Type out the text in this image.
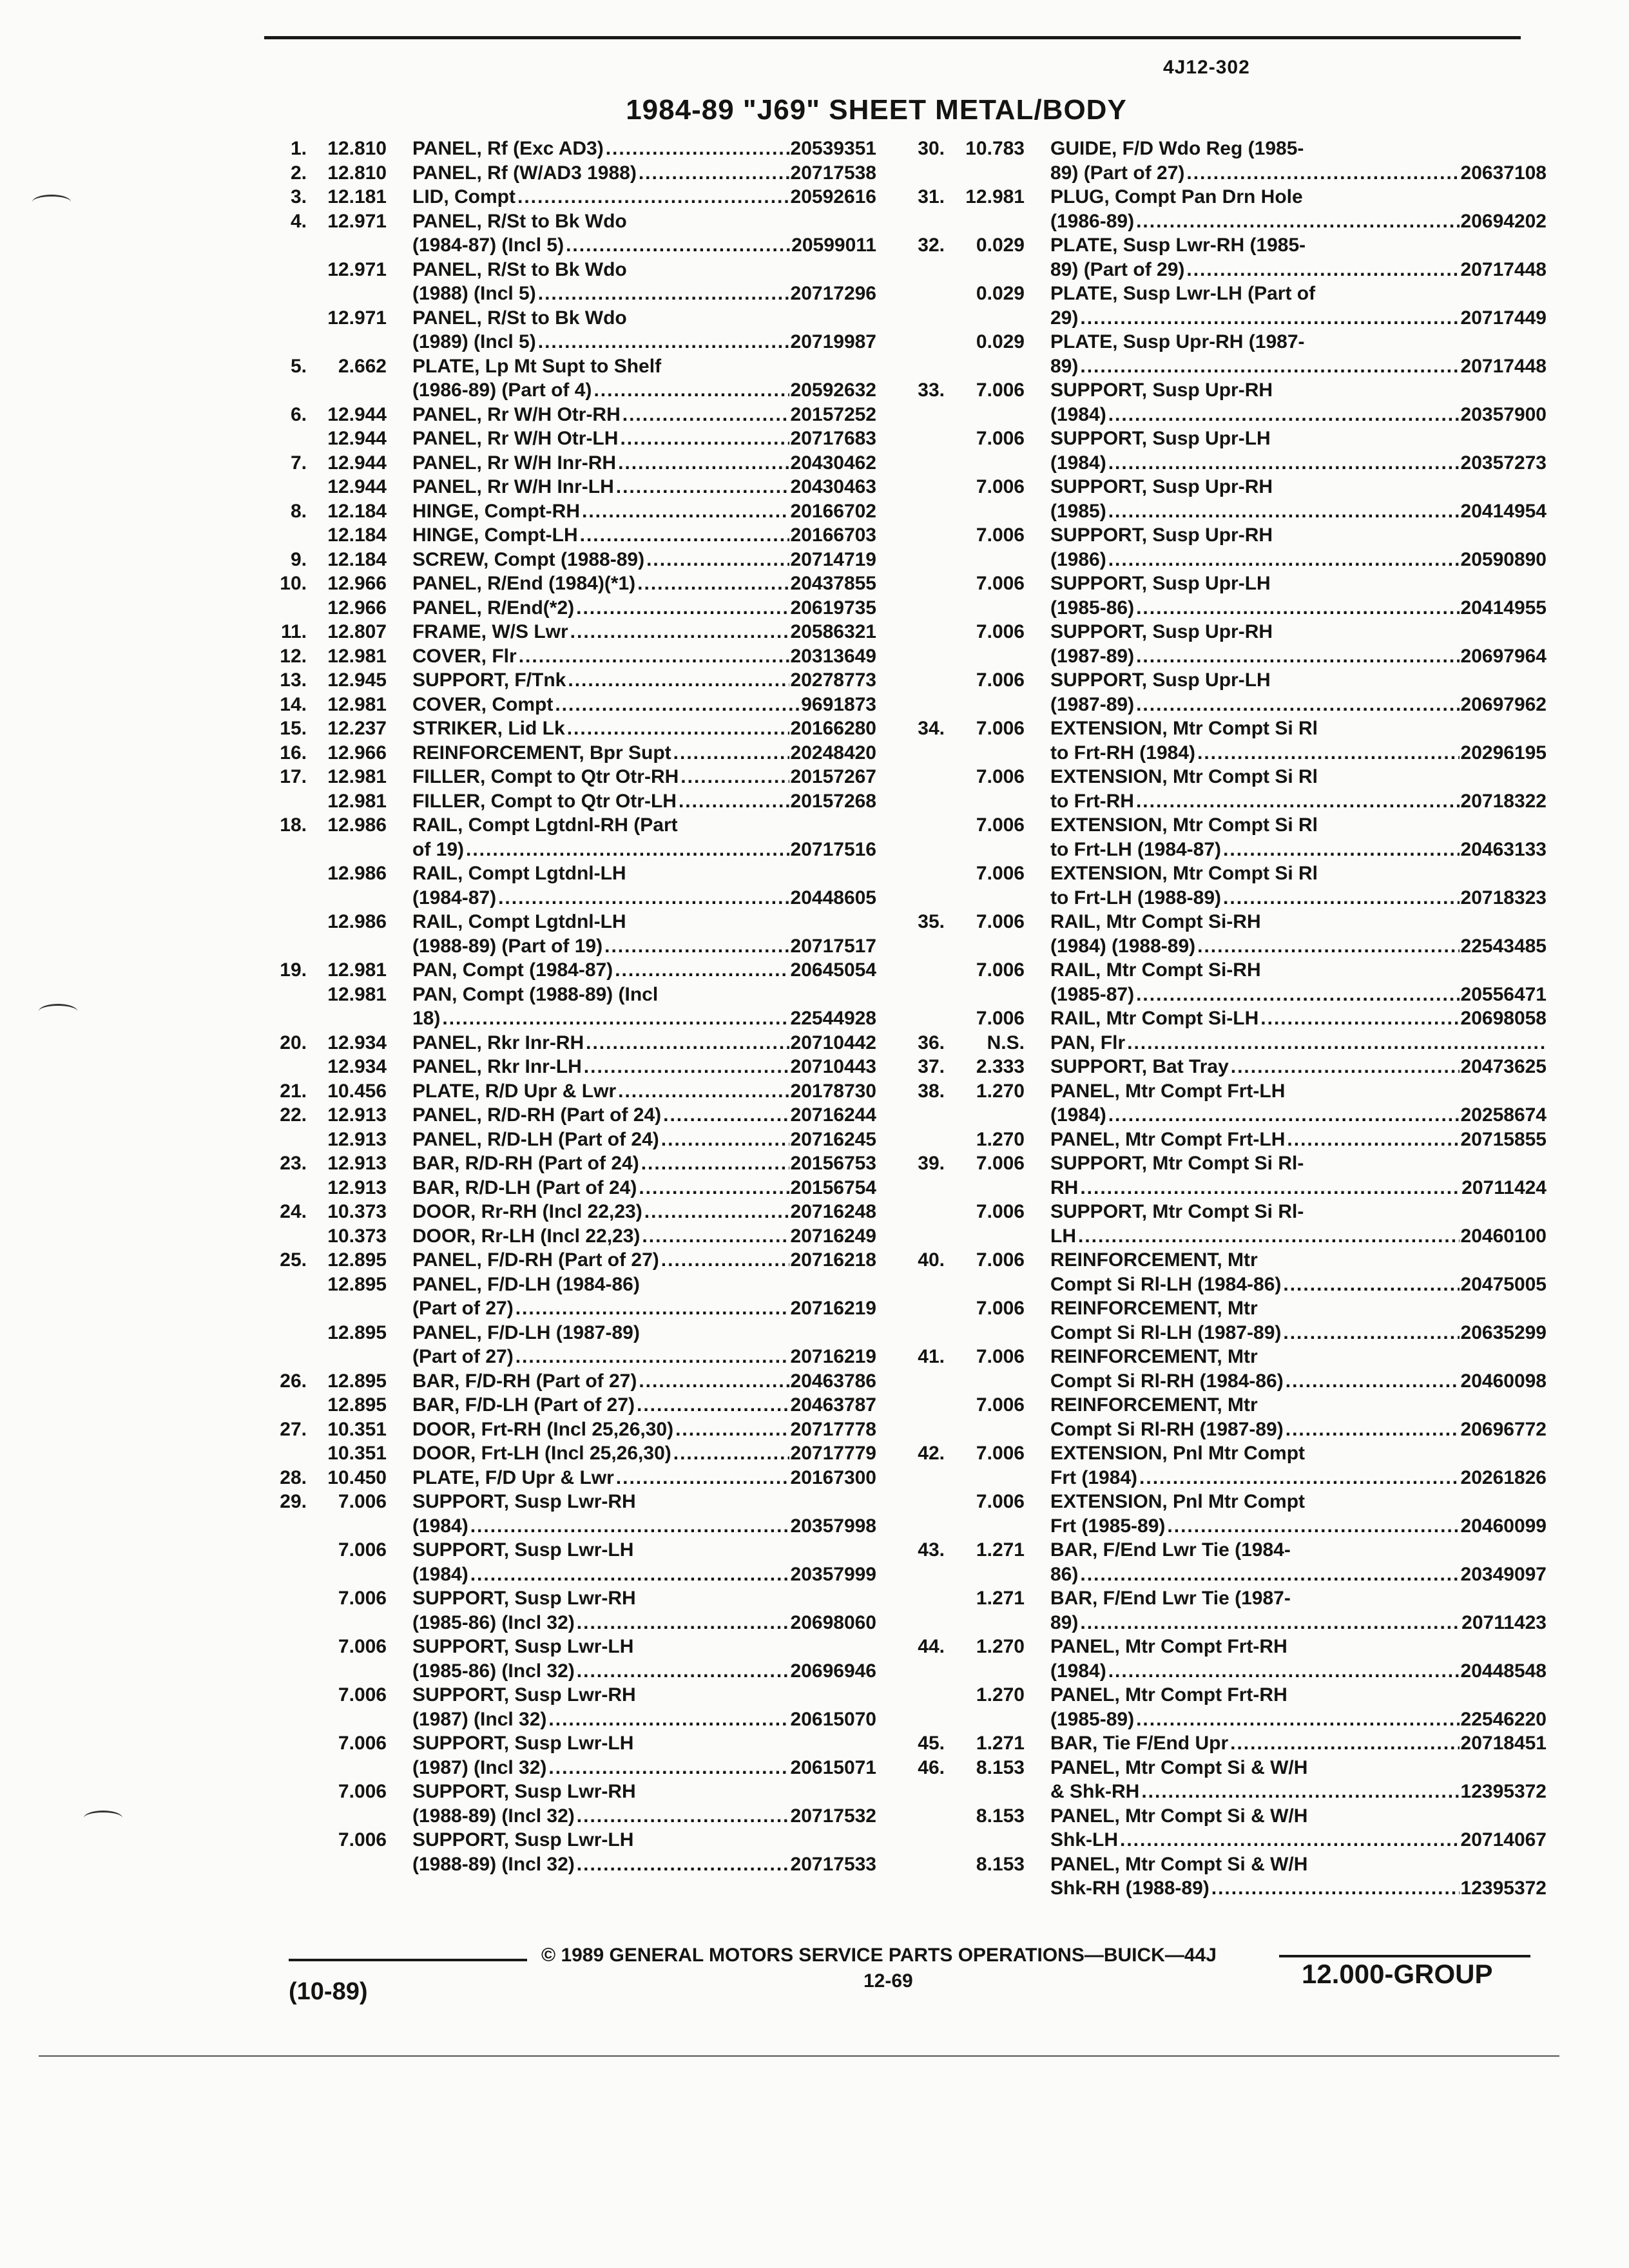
4J12-302
1984-89 "J69" SHEET METAL/BODY
1.	12.810 PANEL, Rf (Exc AD3) .....	20539351
2.	12.810 PANEL, Rf (W/AD3 1988) .....	20717538
3.	12.181 LID, Compt .....	20592616
4.	12.971 PANEL, R/St to Bk Wdo
(1984-87) (Incl 5) .....	20599011
12.971 PANEL, R/St to Bk Wdo
(1988) (Incl 5) .....	20717296
12.971 PANEL, R/St to Bk Wdo
(1989) (Incl 5) .....	20719987
5.	2.662 PLATE, Lp Mt Supt to Shelf
(1986-89) (Part of 4) .....	20592632
6.	12.944 PANEL, Rr W/H Otr-RH .....	20157252
12.944 PANEL, Rr W/H Otr-LH .....	20717683
7.	12.944 PANEL, Rr W/H Inr-RH .....	20430462
12.944 PANEL, Rr W/H Inr-LH .....	20430463
8.	12.184 HINGE, Compt-RH .....	20166702
12.184 HINGE, Compt-LH .....	20166703
9.	12.184 SCREW, Compt (1988-89) .....	20714719
10.	12.966 PANEL, R/End (1984)(*1) .....	20437855
12.966 PANEL, R/End(*2) .....	20619735
11.	12.807 FRAME, W/S Lwr .....	20586321
12.	12.981 COVER, Flr .....	20313649
13.	12.945 SUPPORT, F/Tnk .....	20278773
14.	12.981 COVER, Compt .....	9691873
15.	12.237 STRIKER, Lid Lk .....	20166280
16.	12.966 REINFORCEMENT, Bpr Supt .....	20248420
17.	12.981 FILLER, Compt to Qtr Otr-RH .....	20157267
12.981 FILLER, Compt to Qtr Otr-LH .....	20157268
18.	12.986 RAIL, Compt Lgtdnl-RH (Part
of 19) .....	20717516
12.986 RAIL, Compt Lgtdnl-LH
(1984-87) .....	20448605
12.986 RAIL, Compt Lgtdnl-LH
(1988-89) (Part of 19) .....	20717517
19.	12.981 PAN, Compt (1984-87) .....	20645054
12.981 PAN, Compt (1988-89) (Incl
18) .....	22544928
20.	12.934 PANEL, Rkr Inr-RH .....	20710442
12.934 PANEL, Rkr Inr-LH .....	20710443
21.	10.456 PLATE, R/D Upr & Lwr .....	20178730
22.	12.913 PANEL, R/D-RH (Part of 24) .....	20716244
12.913 PANEL, R/D-LH (Part of 24) .....	20716245
23.	12.913 BAR, R/D-RH (Part of 24) .....	20156753
12.913 BAR, R/D-LH (Part of 24) .....	20156754
24.	10.373 DOOR, Rr-RH (Incl 22,23) .....	20716248
10.373 DOOR, Rr-LH (Incl 22,23) .....	20716249
25.	12.895 PANEL, F/D-RH (Part of 27) .....	20716218
12.895 PANEL, F/D-LH (1984-86)
(Part of 27) .....	20716219
12.895 PANEL, F/D-LH (1987-89)
(Part of 27) .....	20716219
26.	12.895 BAR, F/D-RH (Part of 27) .....	20463786
12.895 BAR, F/D-LH (Part of 27) .....	20463787
27.	10.351 DOOR, Frt-RH (Incl 25,26,30) .....	20717778
10.351 DOOR, Frt-LH (Incl 25,26,30) .....	20717779
28.	10.450 PLATE, F/D Upr & Lwr .....	20167300
29.	7.006 SUPPORT, Susp Lwr-RH
(1984) .....	20357998
7.006 SUPPORT, Susp Lwr-LH
(1984) .....	20357999
7.006 SUPPORT, Susp Lwr-RH
(1985-86) (Incl 32) .....	20698060
7.006 SUPPORT, Susp Lwr-LH
(1985-86) (Incl 32) .....	20696946
7.006 SUPPORT, Susp Lwr-RH
(1987) (Incl 32) .....	20615070
7.006 SUPPORT, Susp Lwr-LH
(1987) (Incl 32) .....	20615071
7.006 SUPPORT, Susp Lwr-RH
(1988-89) (Incl 32) .....	20717532
7.006 SUPPORT, Susp Lwr-LH
(1988-89) (Incl 32) .....	20717533
30.	10.783 GUIDE, F/D Wdo Reg (1985-
89) (Part of 27) .....	20637108
31.	12.981 PLUG, Compt Pan Drn Hole
(1986-89) .....	20694202
32.	0.029 PLATE, Susp Lwr-RH (1985-
89) (Part of 29) .....	20717448
0.029 PLATE, Susp Lwr-LH (Part of
29) .....	20717449
0.029 PLATE, Susp Upr-RH (1987-
89) .....	20717448
33.	7.006 SUPPORT, Susp Upr-RH
(1984) .....	20357900
7.006 SUPPORT, Susp Upr-LH
(1984) .....	20357273
7.006 SUPPORT, Susp Upr-RH
(1985) .....	20414954
7.006 SUPPORT, Susp Upr-RH
(1986) .....	20590890
7.006 SUPPORT, Susp Upr-LH
(1985-86) .....	20414955
7.006 SUPPORT, Susp Upr-RH
(1987-89) .....	20697964
7.006 SUPPORT, Susp Upr-LH
(1987-89) .....	20697962
34.	7.006 EXTENSION, Mtr Compt Si Rl
to Frt-RH (1984) .....	20296195
7.006 EXTENSION, Mtr Compt Si Rl
to Frt-RH .....	20718322
7.006 EXTENSION, Mtr Compt Si Rl
to Frt-LH (1984-87) .....	20463133
7.006 EXTENSION, Mtr Compt Si Rl
to Frt-LH (1988-89) .....	20718323
35.	7.006 RAIL, Mtr Compt Si-RH
(1984) (1988-89) .....	22543485
7.006 RAIL, Mtr Compt Si-RH
(1985-87) .....	20556471
7.006 RAIL, Mtr Compt Si-LH .....	20698058
36.	N.S. PAN, Flr
.....
37.	2.333 SUPPORT, Bat Tray .....	20473625
38.	1.270 PANEL, Mtr Compt Frt-LH
(1984) .....	20258674
1.270 PANEL, Mtr Compt Frt-LH .....	20715855
39.	7.006 SUPPORT, Mtr Compt Si Rl-
RH .....	20711424
7.006 SUPPORT, Mtr Compt Si Rl-
LH .....	20460100
40.	7.006 REINFORCEMENT, Mtr
Compt Si Rl-LH (1984-86) .....	20475005
7.006 REINFORCEMENT, Mtr
Compt Si Rl-LH (1987-89) .....	20635299
41.	7.006 REINFORCEMENT, Mtr
Compt Si Rl-RH (1984-86) .....	20460098
7.006 REINFORCEMENT, Mtr
Compt Si Rl-RH (1987-89) .....	20696772
42.	7.006 EXTENSION, Pnl Mtr Compt
Frt (1984) .....	20261826
7.006 EXTENSION, Pnl Mtr Compt
Frt (1985-89) .....	20460099
43.	1.271 BAR, F/End Lwr Tie (1984-
86) .....	20349097
1.271 BAR, F/End Lwr Tie (1987-
89) .....	20711423
44.	1.270 PANEL, Mtr Compt Frt-RH
(1984) .....	20448548
1.270 PANEL, Mtr Compt Frt-RH
(1985-89) .....	22546220
45.	1.271 BAR, Tie F/End Upr .....	20718451
46.	8.153 PANEL, Mtr Compt Si & W/H
& Shk-RH .....	12395372
8.153 PANEL, Mtr Compt Si & W/H
Shk-LH .....	20714067
8.153 PANEL, Mtr Compt Si & W/H
Shk-RH (1988-89) .....	12395372
© 1989 GENERAL MOTORS SERVICE PARTS OPERATIONS—BUICK—44J
12-69
(10-89)
12.000-GROUP
